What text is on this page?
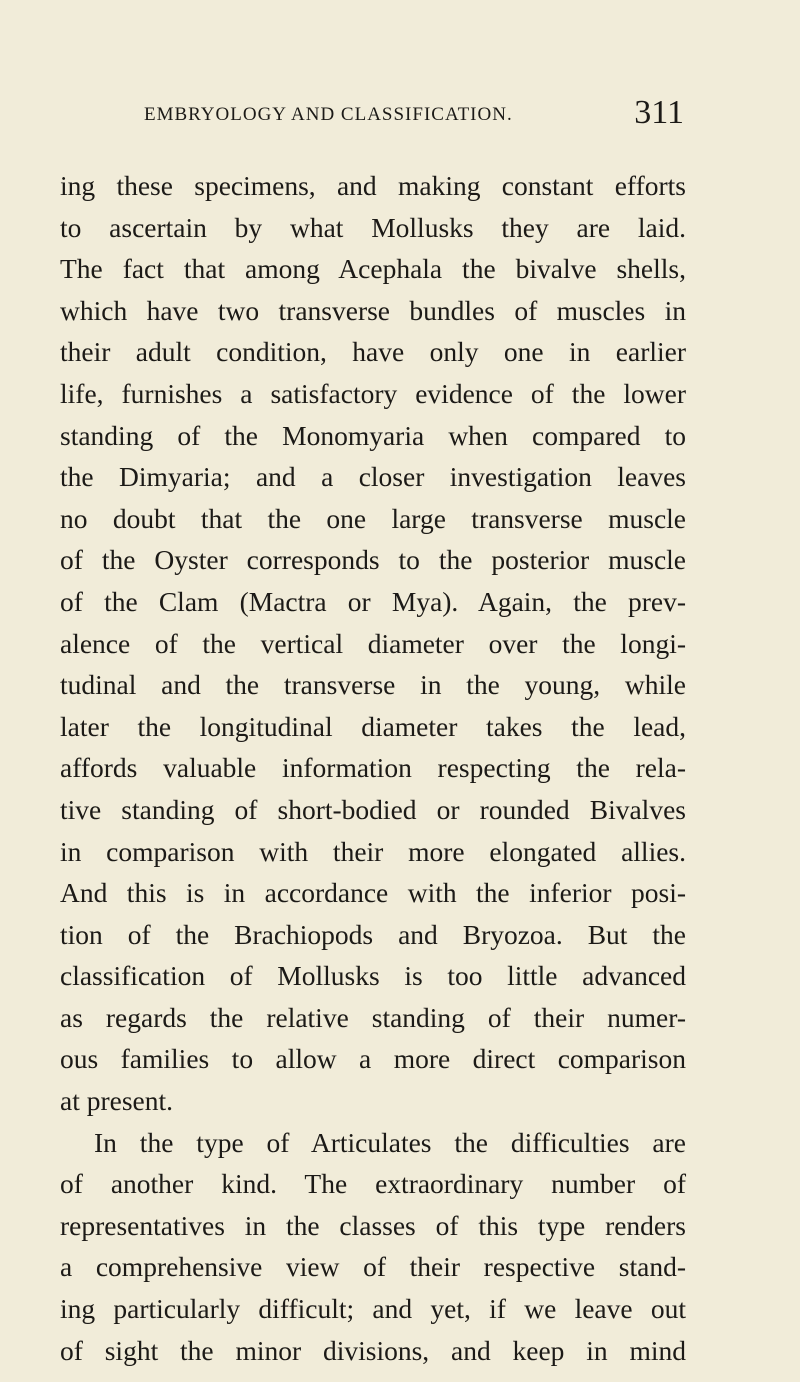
EMBRYOLOGY AND CLASSIFICATION.	311
ing these specimens, and making constant efforts
to ascertain by what Mollusks they are laid.
The fact that among Acephala the bivalve shells,
which have two transverse bundles of muscles in
their adult condition, have only one in earlier
life, furnishes a satisfactory evidence of the lower
standing of the Monomyaria when compared to
the Dimyaria; and a closer investigation leaves
no doubt that the one large transverse muscle
of the Oyster corresponds to the posterior muscle
of the Clam (Mactra or Mya). Again, the prev-
alence of the vertical diameter over the longi-
tudinal and the transverse in the young, while
later the longitudinal diameter takes the lead,
affords valuable information respecting the rela-
tive standing of short-bodied or rounded Bivalves
in comparison with their more elongated allies.
And this is in accordance with the inferior posi-
tion of the Brachiopods and Bryozoa. But the
classification of Mollusks is too little advanced
as regards the relative standing of their numer-
ous families to allow a more direct comparison
at present.
In the type of Articulates the difficulties are
of another kind. The extraordinary number of
representatives in the classes of this type renders
a comprehensive view of their respective stand-
ing particularly difficult; and yet, if we leave out
of sight the minor divisions, and keep in mind
